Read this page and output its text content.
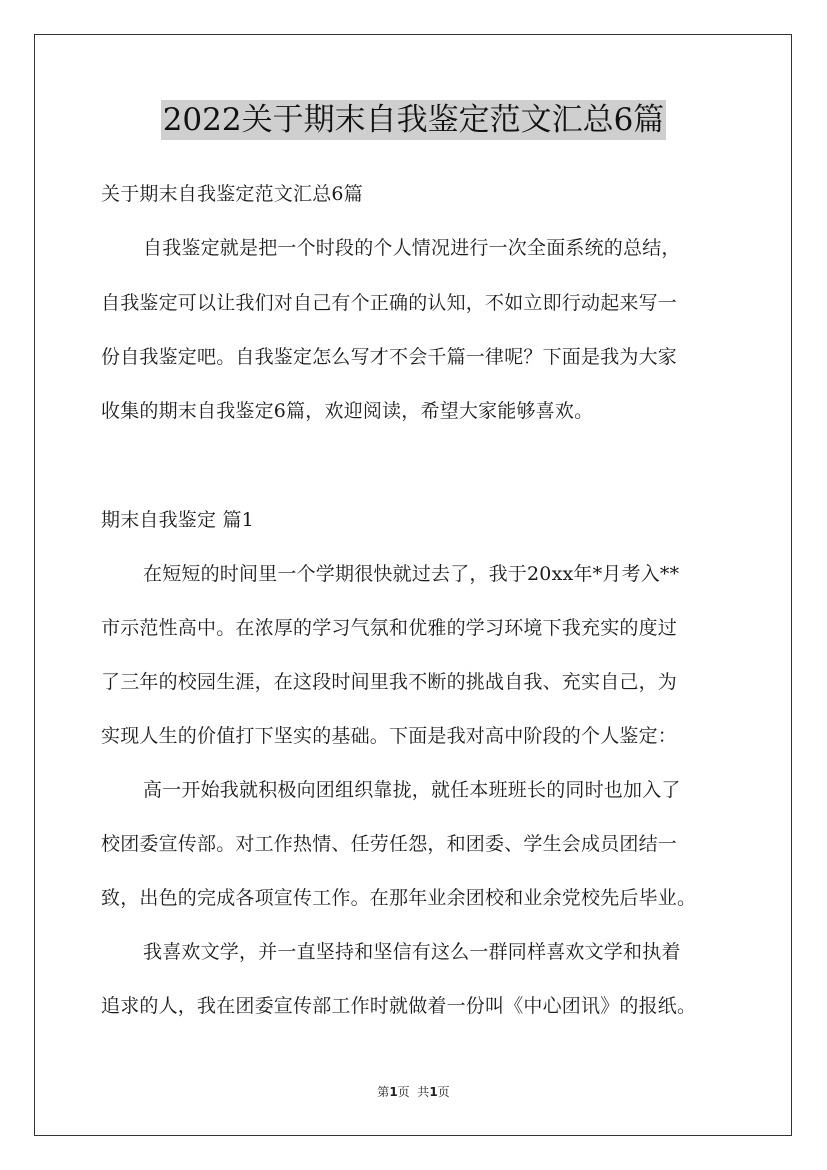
2022关于期末自我鉴定范文汇总6篇
关于期末自我鉴定范文汇总6篇
自我鉴定就是把一个时段的个人情况进行一次全面系统的总结，
自我鉴定可以让我们对自己有个正确的认知，不如立即行动起来写一
份自我鉴定吧。自我鉴定怎么写才不会千篇一律呢？下面是我为大家
收集的期末自我鉴定6篇，欢迎阅读，希望大家能够喜欢。
期末自我鉴定 篇1
在短短的时间里一个学期很快就过去了，我于20xx年*月考入**
市示范性高中。在浓厚的学习气氛和优雅的学习环境下我充实的度过
了三年的校园生涯，在这段时间里我不断的挑战自我、充实自己，为
实现人生的价值打下坚实的基础。下面是我对高中阶段的个人鉴定：
高一开始我就积极向团组织靠拢，就任本班班长的同时也加入了
校团委宣传部。对工作热情、任劳任怨，和团委、学生会成员团结一
致，出色的完成各项宣传工作。在那年业余团校和业余党校先后毕业。
我喜欢文学，并一直坚持和坚信有这么一群同样喜欢文学和执着
追求的人，我在团委宣传部工作时就做着一份叫《中心团讯》的报纸。
第1页  共1页
